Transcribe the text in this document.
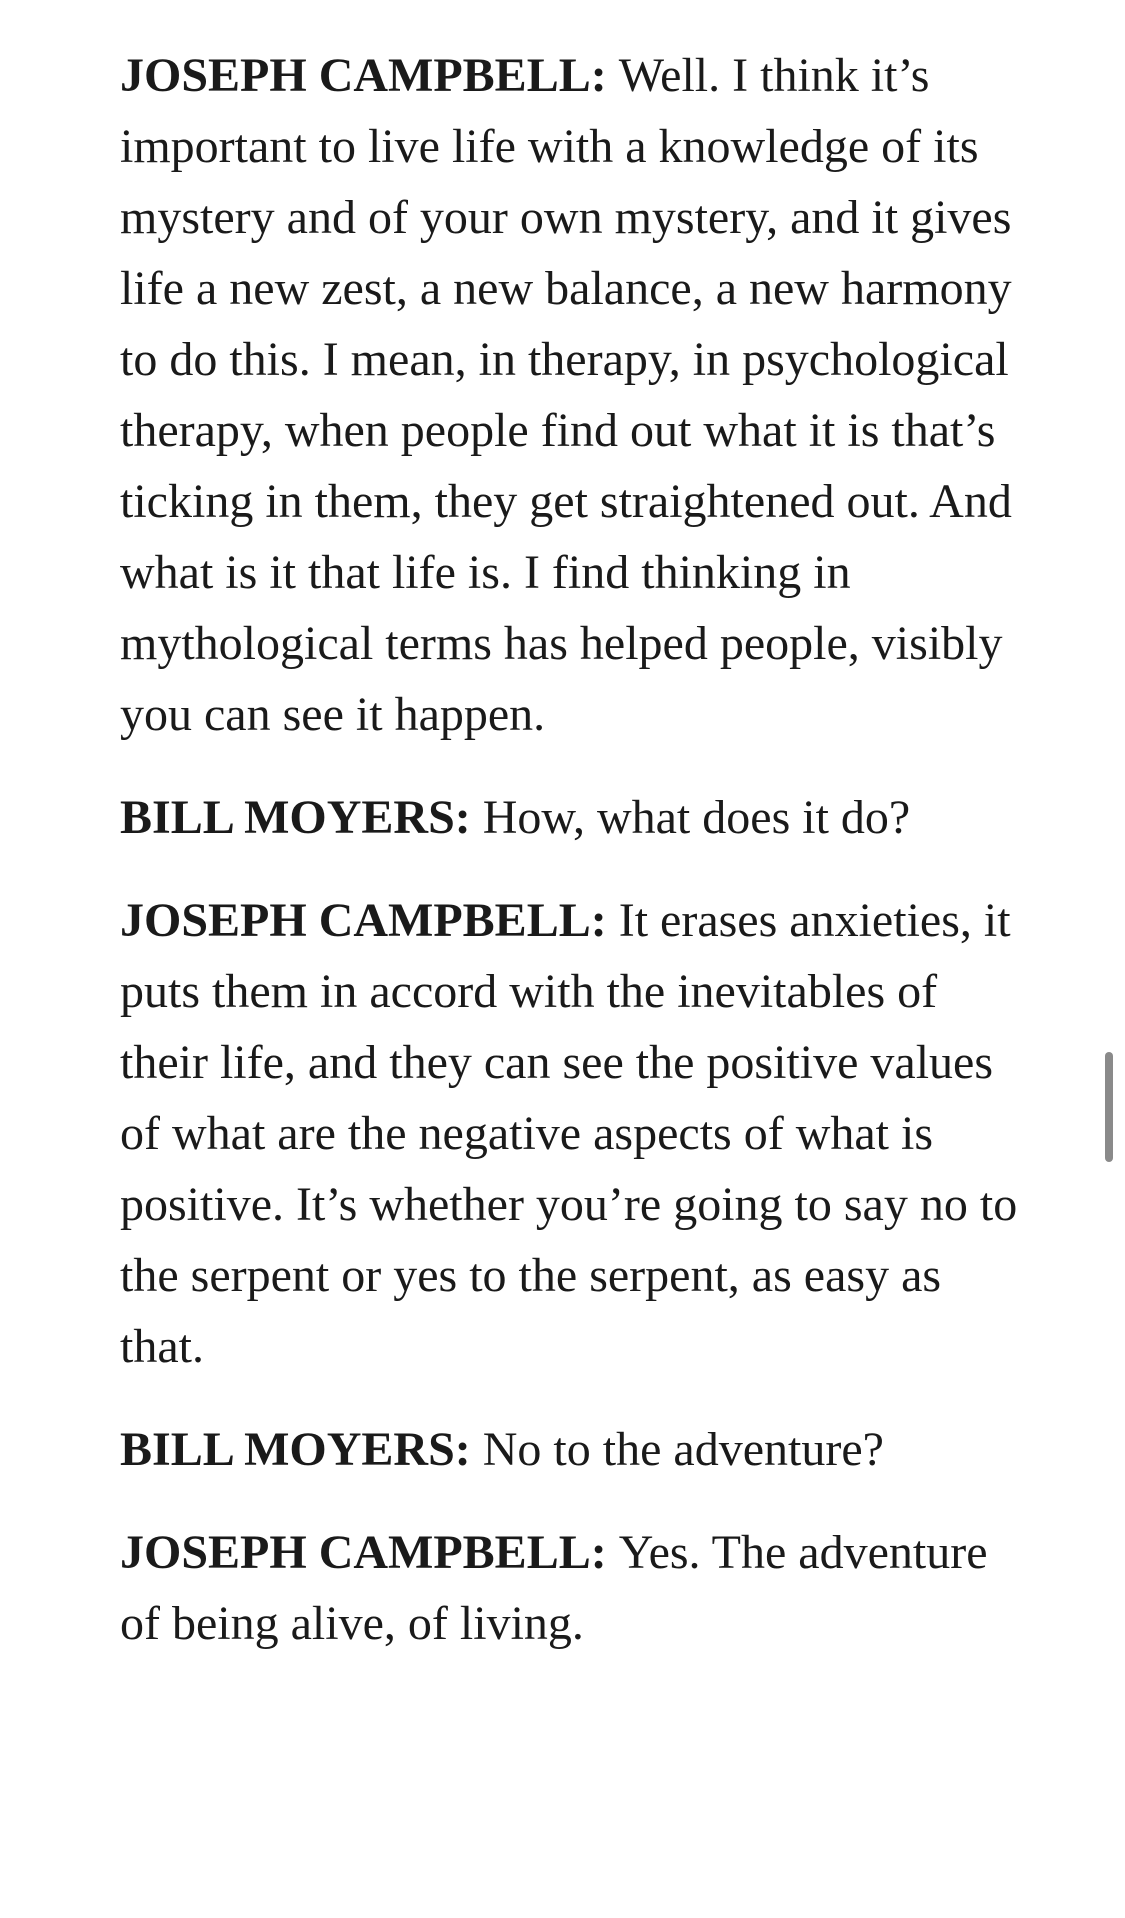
JOSEPH CAMPBELL: Well. I think it’s important to live life with a knowledge of its mystery and of your own mystery, and it gives life a new zest, a new balance, a new harmony to do this. I mean, in therapy, in psychological therapy, when people find out what it is that’s ticking in them, they get straightened out. And what is it that life is. I find thinking in mythological terms has helped people, visibly you can see it happen.

BILL MOYERS: How, what does it do?

JOSEPH CAMPBELL: It erases anxieties, it puts them in accord with the inevitables of their life, and they can see the positive values of what are the negative aspects of what is positive. It’s whether you’re going to say no to the serpent or yes to the serpent, as easy as that.

BILL MOYERS: No to the adventure?

JOSEPH CAMPBELL: Yes. The adventure of being alive, of living.
